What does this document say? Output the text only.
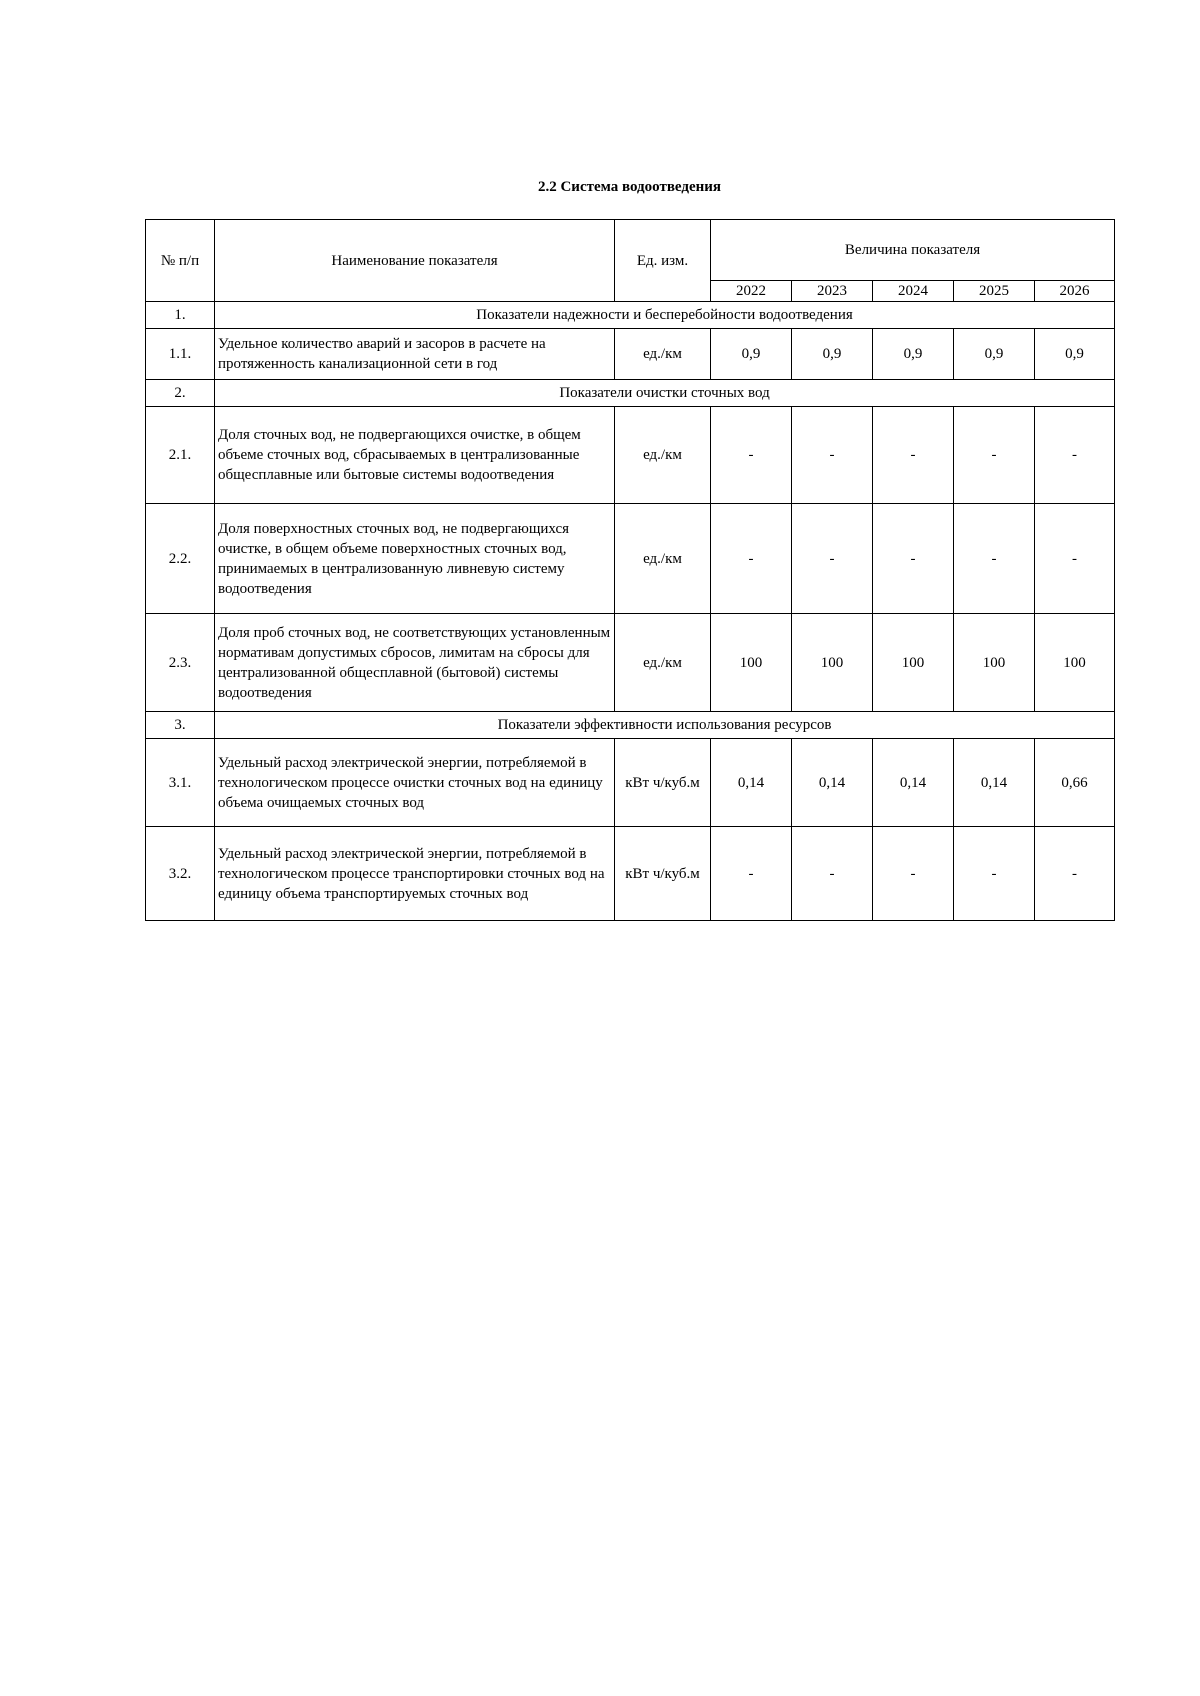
2.2 Система водоотведения
№ п/п	Наименование показателя	Ед. изм.	Величина показателя				
			2022	2023	2024	2025	2026
1.	Показатели надежности и бесперебойности водоотведения						
1.1.	Удельное количество аварий и засоров в расчете на протяженность канализационной сети в год	ед./км	0,9	0,9	0,9	0,9	0,9
2.	Показатели очистки сточных вод						
2.1.	Доля сточных вод, не подвергающихся очистке, в общем объеме сточных вод, сбрасываемых в централизованные общесплавные или бытовые системы водоотведения	ед./км	-	-	-	-	-
2.2.	Доля поверхностных сточных вод, не подвергающихся очистке, в общем объеме поверхностных сточных вод, принимаемых в централизованную ливневую систему водоотведения	ед./км	-	-	-	-	-
2.3.	Доля проб сточных вод, не соответствующих установленным нормативам допустимых сбросов, лимитам на сбросы для централизованной общесплавной (бытовой) системы водоотведения	ед./км	100	100	100	100	100
3.	Показатели эффективности использования ресурсов						
3.1.	Удельный расход электрической энергии, потребляемой в технологическом процессе очистки сточных вод на единицу объема очищаемых сточных вод	кВт ч/куб.м	0,14	0,14	0,14	0,14	0,66
3.2.	Удельный расход электрической энергии, потребляемой в технологическом процессе транспортировки сточных вод на единицу объема транспортируемых сточных вод	кВт ч/куб.м	-	-	-	-	-
